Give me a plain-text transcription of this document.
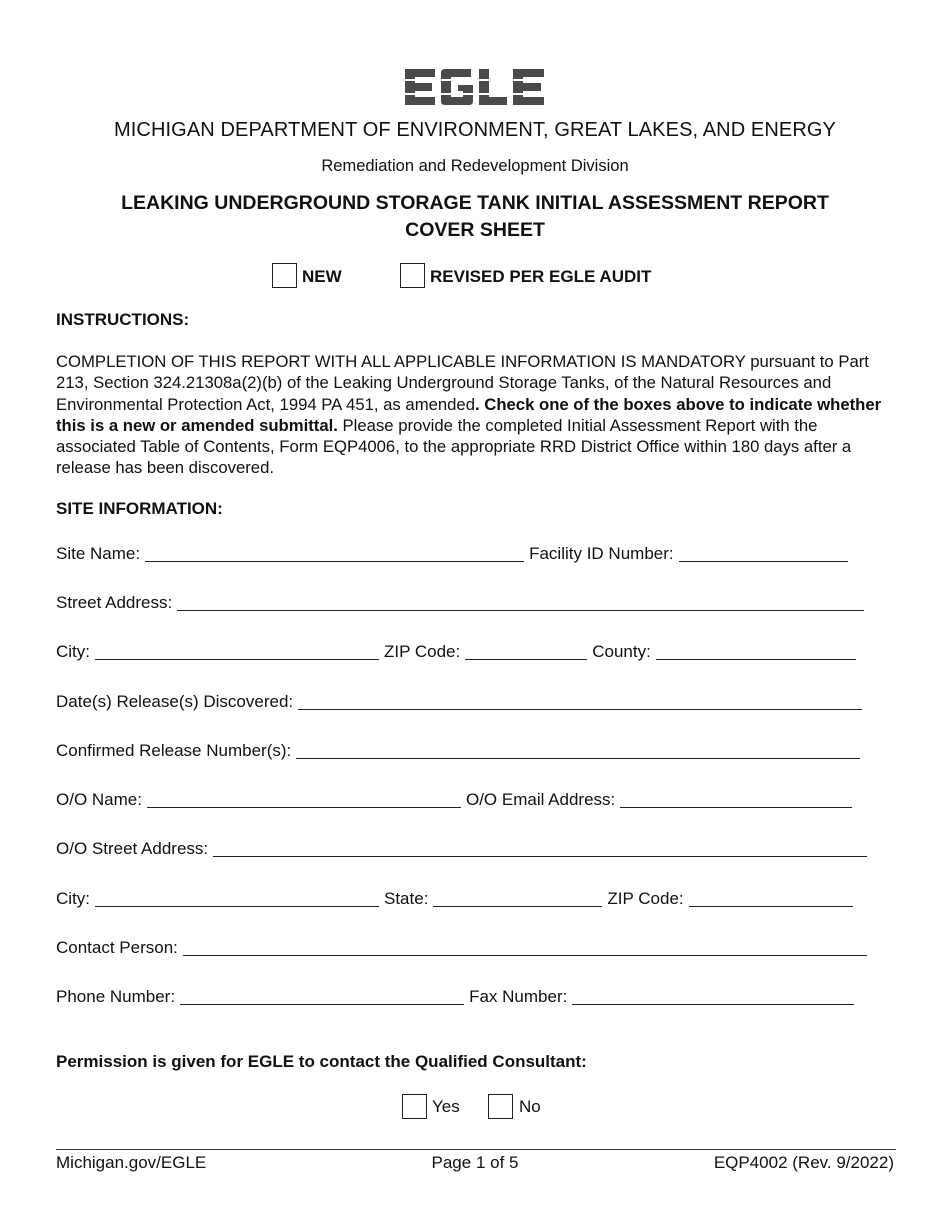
MICHIGAN DEPARTMENT OF ENVIRONMENT, GREAT LAKES, AND ENERGY
Remediation and Redevelopment Division
LEAKING UNDERGROUND STORAGE TANK INITIAL ASSESSMENT REPORT
COVER SHEET
NEW	REVISED PER EGLE AUDIT
INSTRUCTIONS:
COMPLETION OF THIS REPORT WITH ALL APPLICABLE INFORMATION IS MANDATORY pursuant to Part 213, Section 324.21308a(2)(b) of the Leaking Underground Storage Tanks, of the Natural Resources and Environmental Protection Act, 1994 PA 451, as amended. Check one of the boxes above to indicate whether this is a new or amended submittal. Please provide the completed Initial Assessment Report with the associated Table of Contents, Form EQP4006, to the appropriate RRD District Office within 180 days after a release has been discovered.
SITE INFORMATION:
Site Name:	Facility ID Number:
Street Address:
City:	ZIP Code:	County:
Date(s) Release(s) Discovered:
Confirmed Release Number(s):
O/O Name:	O/O Email Address:
O/O Street Address:
City:	State:	ZIP Code:
Contact Person:
Phone Number:	Fax Number:
Permission is given for EGLE to contact the Qualified Consultant:
Yes	No
Michigan.gov/EGLE	Page 1 of 5	EQP4002 (Rev. 9/2022)
